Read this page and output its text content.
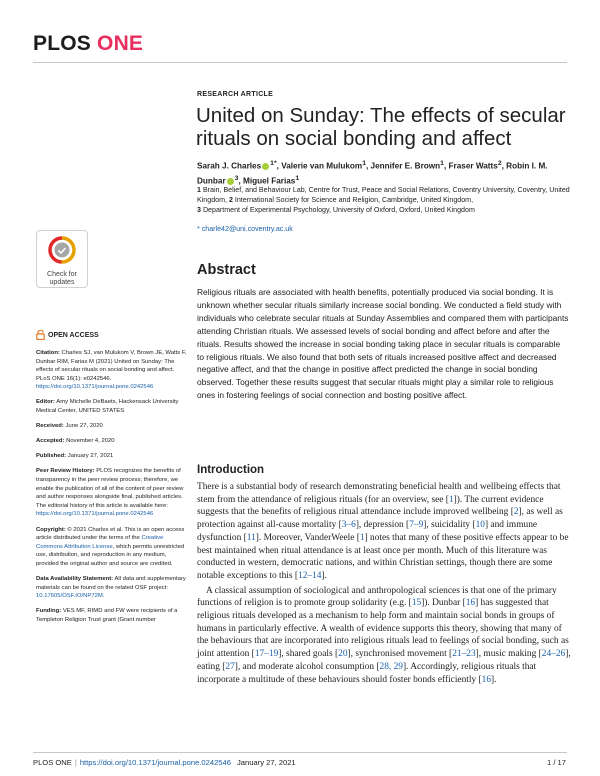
PLOS ONE
RESEARCH ARTICLE
United on Sunday: The effects of secular rituals on social bonding and affect
Sarah J. Charles $^{1*}$, Valerie van Mulukom$^1$, Jennifer E. Brown$^1$, Fraser Watts$^2$, Robin I. M. Dunbar $^3$, Miguel Farias$^1$
1 Brain, Belief, and Behaviour Lab, Centre for Trust, Peace and Social Relations, Coventry University, Coventry, United Kingdom, 2 International Society for Science and Religion, Cambridge, United Kingdom,
3 Department of Experimental Psychology, University of Oxford, Oxford, United Kingdom
* charle42@uni.coventry.ac.uk
Check for
updates
OPEN ACCESS
Citation: Charles SJ, van Mulukom V, Brown JE, Watts F, Dunbar RIM, Farias M (2021) United on Sunday: The effects of secular rituals on social bonding and affect. PLoS ONE 16(1): e0242546. https://doi.org/10.1371/journal.pone.0242546
Editor: Amy Michelle DeBaets, Hackensack University Medical Center, UNITED STATES
Received: June 27, 2020
Accepted: November 4, 2020
Published: January 27, 2021
Peer Review History: PLOS recognizes the benefits of transparency in the peer review process; therefore, we enable the publication of all of the content of peer review and author responses alongside final, published articles. The editorial history of this article is available here: https://doi.org/10.1371/journal.pone.0242546
Copyright: © 2021 Charles et al. This is an open access article distributed under the terms of the Creative Commons Attribution License, which permits unrestricted use, distribution, and reproduction in any medium, provided the original author and source are credited.
Data Availability Statement: All data and supplementary materials can be found on the related OSF project: 10.17605/OSF.IO/NP72M.
Funding: VES MF, RIMD and FW were recipients of a Templeton Religion Trust grant (Grant number
Abstract

Religious rituals are associated with health benefits, potentially produced via social bonding. It is unknown whether secular rituals similarly increase social bonding. We conducted a field study with individuals who celebrate secular rituals at Sunday Assemblies and compared them with participants attending Christian rituals. We assessed levels of social bonding and affect before and after the rituals. Results showed the increase in social bonding taking place in secular rituals is comparable to religious rituals. We also found that both sets of rituals increased positive affect and decreased negative affect, and that the change in positive affect predicted the change in social bonding observed. Together these results suggest that secular rituals might play a similar role to religious ones in fostering feelings of social connection and bosting positive affect.

Introduction

There is a substantial body of research demonstrating beneficial health and wellbeing effects that stem from the attendance of religious rituals (for an overview, see [1]). The current evidence suggests that the benefits of religious ritual attendance include improved wellbeing [2], as well as protection against all-cause mortality [3–6], depression [7–9], suicidality [10] and immune dysfunction [11]. Moreover, VanderWeele [1] notes that many of these positive effects appear to be best maintained when ritual attendance is at least once per month. Much of this literature was conducted in western, democratic nations, and within Christian settings, though there are some notable exceptions to this [12–14].

A classical assumption of sociological and anthropological sciences is that one of the primary functions of religion is to promote group solidarity (e.g. [15]). Dunbar [16] has suggested that religious rituals developed as a mechanism to help form and maintain social bonds in groups of humans in particularly effective. A wealth of evidence supports this theory, showing that many of the behaviours that are incorporated into religious rituals lead to feelings of social bonding, such as joint attention [17–19], shared goals [20], synchronised movement [21–23], music making [24–26], eating [27], and moderate alcohol consumption [28, 29]. Accordingly, religious rituals that incorporate a multitude of these behaviours should foster bonds efficiently [16].

PLOS ONE | https://doi.org/10.1371/journal.pone.0242546 January 27, 2021	1 / 17
